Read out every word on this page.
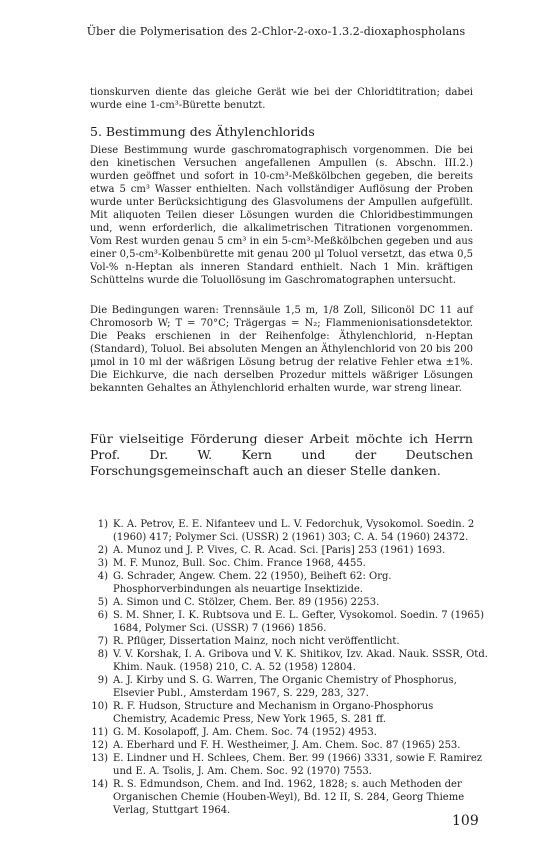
Über die Polymerisation des 2-Chlor-2-oxo-1.3.2-dioxaphospholans

tionskurven diente das gleiche Gerät wie bei der Chloridtitration; dabei wurde eine 1-cm³-Bürette benutzt.

5. Bestimmung des Äthylenchlorids

Diese Bestimmung wurde gaschromatographisch vorgenommen. Die bei den kinetischen Versuchen angefallenen Ampullen (s. Abschn. III.2.) wurden geöffnet und sofort in 10-cm³-Meßkölbchen gegeben, die bereits etwa 5 cm³ Wasser enthielten. Nach vollständiger Auflösung der Proben wurde unter Berücksichtigung des Glasvolumens der Ampullen aufgefüllt. Mit aliquoten Teilen dieser Lösungen wurden die Chloridbestimmungen und, wenn erforderlich, die alkalimetrischen Titrationen vorgenommen. Vom Rest wurden genau 5 cm³ in ein 5-cm³-Meßkölbchen gegeben und aus einer 0,5-cm³-Kolbenbürette mit genau 200 μl Toluol versetzt, das etwa 0,5 Vol-% n-Heptan als inneren Standard enthielt. Nach 1 Min. kräftigen Schüttelns wurde die Toluollösung im Gaschromatographen untersucht.

Die Bedingungen waren: Trennsäule 1,5 m, 1/8 Zoll, Siliconöl DC 11 auf Chromosorb W; T = 70°C; Trägergas = N₂; Flammenionisationsdetektor. Die Peaks erschienen in der Reihenfolge: Äthylenchlorid, n-Heptan (Standard), Toluol. Bei absoluten Mengen an Äthylenchlorid von 20 bis 200 μmol in 10 ml der wäßrigen Lösung betrug der relative Fehler etwa ±1%. Die Eichkurve, die nach derselben Prozedur mittels wäßriger Lösungen bekannten Gehaltes an Äthylenchlorid erhalten wurde, war streng linear.

Für vielseitige Förderung dieser Arbeit möchte ich Herrn Prof. Dr. W. Kern und der Deutschen Forschungsgemeinschaft auch an dieser Stelle danken.

1) K. A. Petrov, E. E. Nifanteev und L. V. Fedorchuk, Vysokomol. Soedin. 2 (1960) 417; Polymer Sci. (USSR) 2 (1961) 303; C. A. 54 (1960) 24372.
2) A. Munoz und J. P. Vives, C. R. Acad. Sci. [Paris] 253 (1961) 1693.
3) M. F. Munoz, Bull. Soc. Chim. France 1968, 4455.
4) G. Schrader, Angew. Chem. 22 (1950), Beiheft 62: Org. Phosphorverbindungen als neuartige Insektizide.
5) A. Simon und C. Stölzer, Chem. Ber. 89 (1956) 2253.
6) S. M. Shner, I. K. Rubtsova und E. L. Gefter, Vysokomol. Soedin. 7 (1965) 1684, Polymer Sci. (USSR) 7 (1966) 1856.
7) R. Pflüger, Dissertation Mainz, noch nicht veröffentlicht.
8) V. V. Korshak, I. A. Gribova und V. K. Shitikov, Izv. Akad. Nauk. SSSR, Otd. Khim. Nauk. (1958) 210, C. A. 52 (1958) 12804.
9) A. J. Kirby und S. G. Warren, The Organic Chemistry of Phosphorus, Elsevier Publ., Amsterdam 1967, S. 229, 283, 327.
10) R. F. Hudson, Structure and Mechanism in Organo-Phosphorus Chemistry, Academic Press, New York 1965, S. 281 ff.
11) G. M. Kosolapoff, J. Am. Chem. Soc. 74 (1952) 4953.
12) A. Eberhard und F. H. Westheimer, J. Am. Chem. Soc. 87 (1965) 253.
13) E. Lindner und H. Schlees, Chem. Ber. 99 (1966) 3331, sowie F. Ramirez und E. A. Tsolis, J. Am. Chem. Soc. 92 (1970) 7553.
14) R. S. Edmundson, Chem. and Ind. 1962, 1828; s. auch Methoden der Organischen Chemie (Houben-Weyl), Bd. 12 II, S. 284, Georg Thieme Verlag, Stuttgart 1964.
109
